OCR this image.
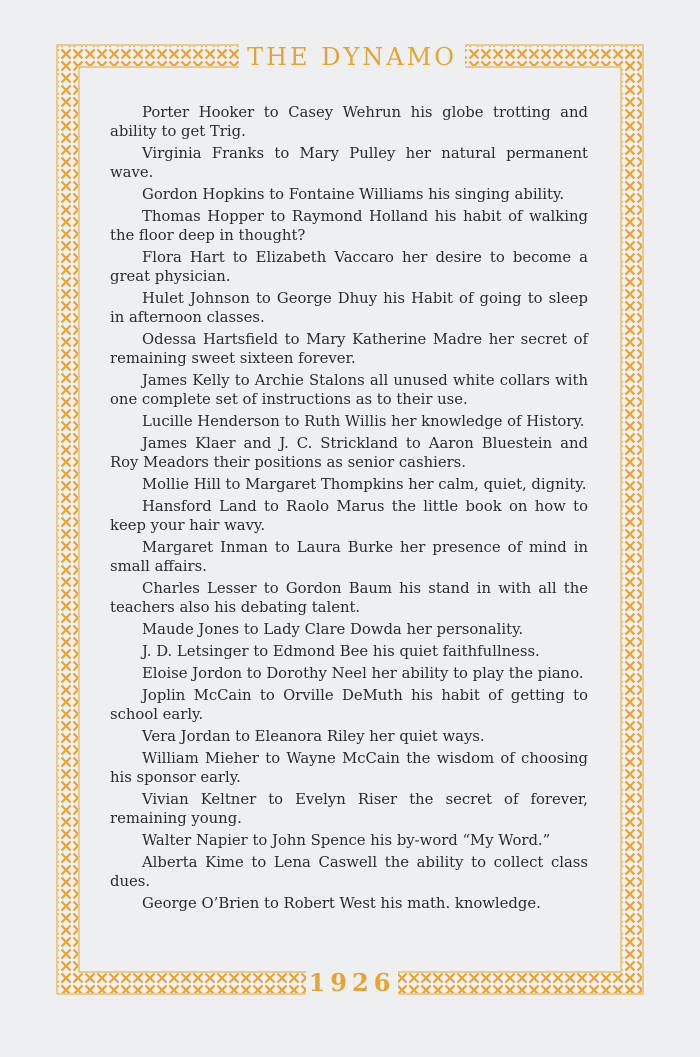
THE DYNAMO
1926

Porter Hooker to Casey Wehrun his globe trotting and ability to get Trig.

Virginia Franks to Mary Pulley her natural permanent wave.

Gordon Hopkins to Fontaine Williams his singing ability.

Thomas Hopper to Raymond Holland his habit of walking the floor deep in thought?

Flora Hart to Elizabeth Vaccaro her desire to become a great physician.

Hulet Johnson to George Dhuy his Habit of going to sleep in afternoon classes.

Odessa Hartsfield to Mary Katherine Madre her secret of remaining sweet sixteen forever.

James Kelly to Archie Stalons all unused white collars with one complete set of instructions as to their use.

Lucille Henderson to Ruth Willis her knowledge of History.

James Klaer and J. C. Strickland to Aaron Bluestein and Roy Meadors their positions as senior cashiers.

Mollie Hill to Margaret Thompkins her calm, quiet, dignity.

Hansford Land to Raolo Marus the little book on how to keep your hair wavy.

Margaret Inman to Laura Burke her presence of mind in small affairs.

Charles Lesser to Gordon Baum his stand in with all the teachers also his debating talent.

Maude Jones to Lady Clare Dowda her personality.

J. D. Letsinger to Edmond Bee his quiet faithfullness.

Eloise Jordon to Dorothy Neel her ability to play the piano.

Joplin McCain to Orville DeMuth his habit of getting to school early.

Vera Jordan to Eleanora Riley her quiet ways.

William Mieher to Wayne McCain the wisdom of choosing his sponsor early.

Vivian Keltner to Evelyn Riser the secret of forever, remaining young.

Walter Napier to John Spence his by-word “My Word.”

Alberta Kime to Lena Caswell the ability to collect class dues.

George O’Brien to Robert West his math. knowledge.
